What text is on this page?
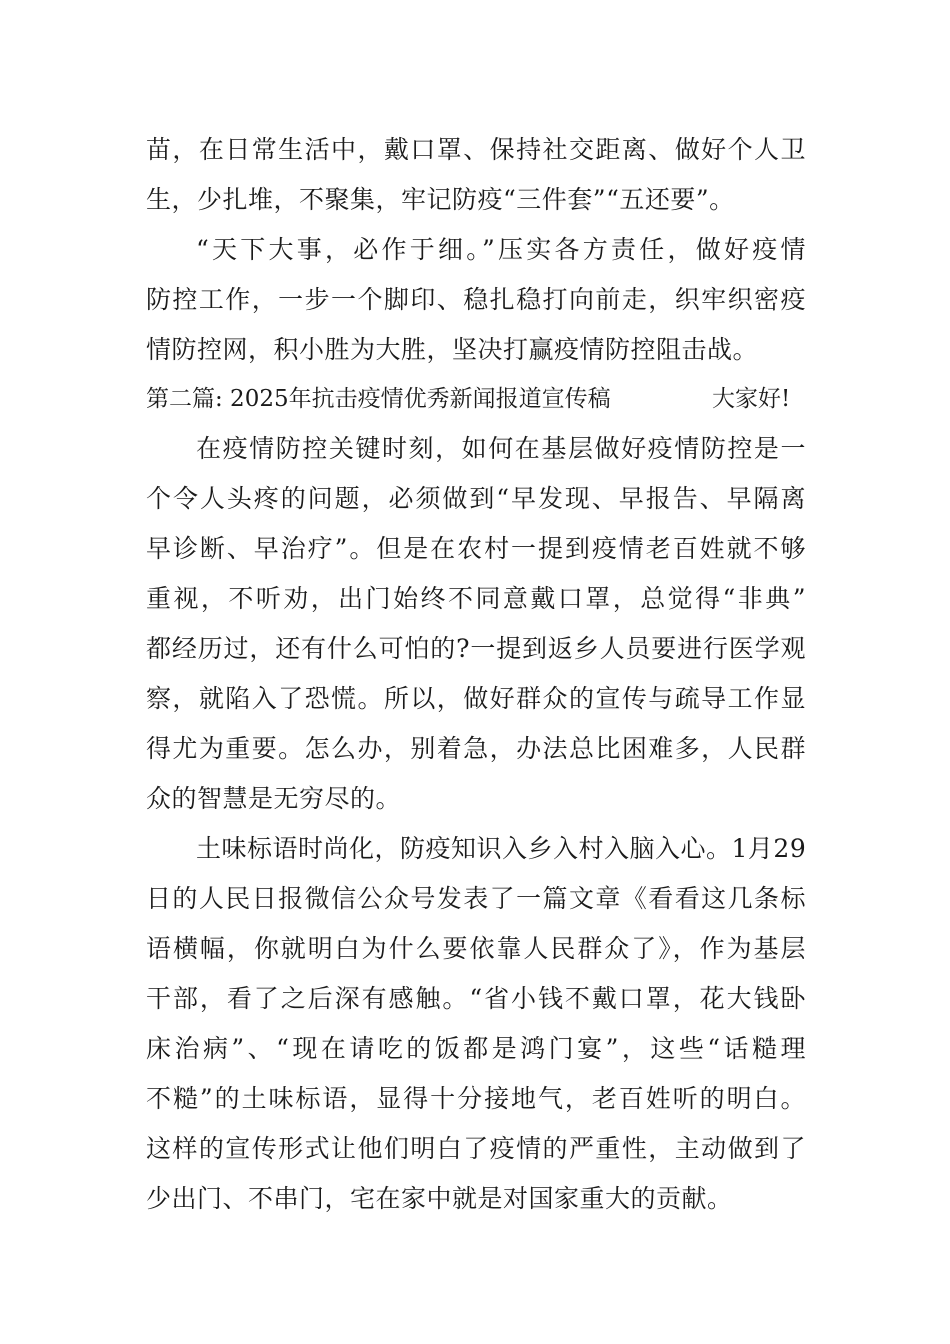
苗，在日常生活中，戴口罩、保持社交距离、做好个人卫
生，少扎堆，不聚集，牢记防疫“三件套”“五还要”。
“天下大事，必作于细。”压实各方责任，做好疫情
防控工作，一步一个脚印、稳扎稳打向前走，织牢织密疫
情防控网，积小胜为大胜，坚决打赢疫情防控阻击战。
第二篇: 2025年抗击疫情优秀新闻报道宣传稿	大家好!
在疫情防控关键时刻，如何在基层做好疫情防控是一
个令人头疼的问题，必须做到“早发现、早报告、早隔离
早诊断、早治疗”。但是在农村一提到疫情老百姓就不够
重视，不听劝，出门始终不同意戴口罩，总觉得“非典”
都经历过，还有什么可怕的?一提到返乡人员要进行医学观
察，就陷入了恐慌。所以，做好群众的宣传与疏导工作显
得尤为重要。怎么办，别着急，办法总比困难多，人民群
众的智慧是无穷尽的。
土味标语时尚化，防疫知识入乡入村入脑入心。1月29
日的人民日报微信公众号发表了一篇文章《看看这几条标
语横幅，你就明白为什么要依靠人民群众了》，作为基层
干部，看了之后深有感触。“省小钱不戴口罩，花大钱卧
床治病”、“现在请吃的饭都是鸿门宴”，这些“话糙理
不糙”的土味标语，显得十分接地气，老百姓听的明白。
这样的宣传形式让他们明白了疫情的严重性，主动做到了
少出门、不串门，宅在家中就是对国家重大的贡献。
